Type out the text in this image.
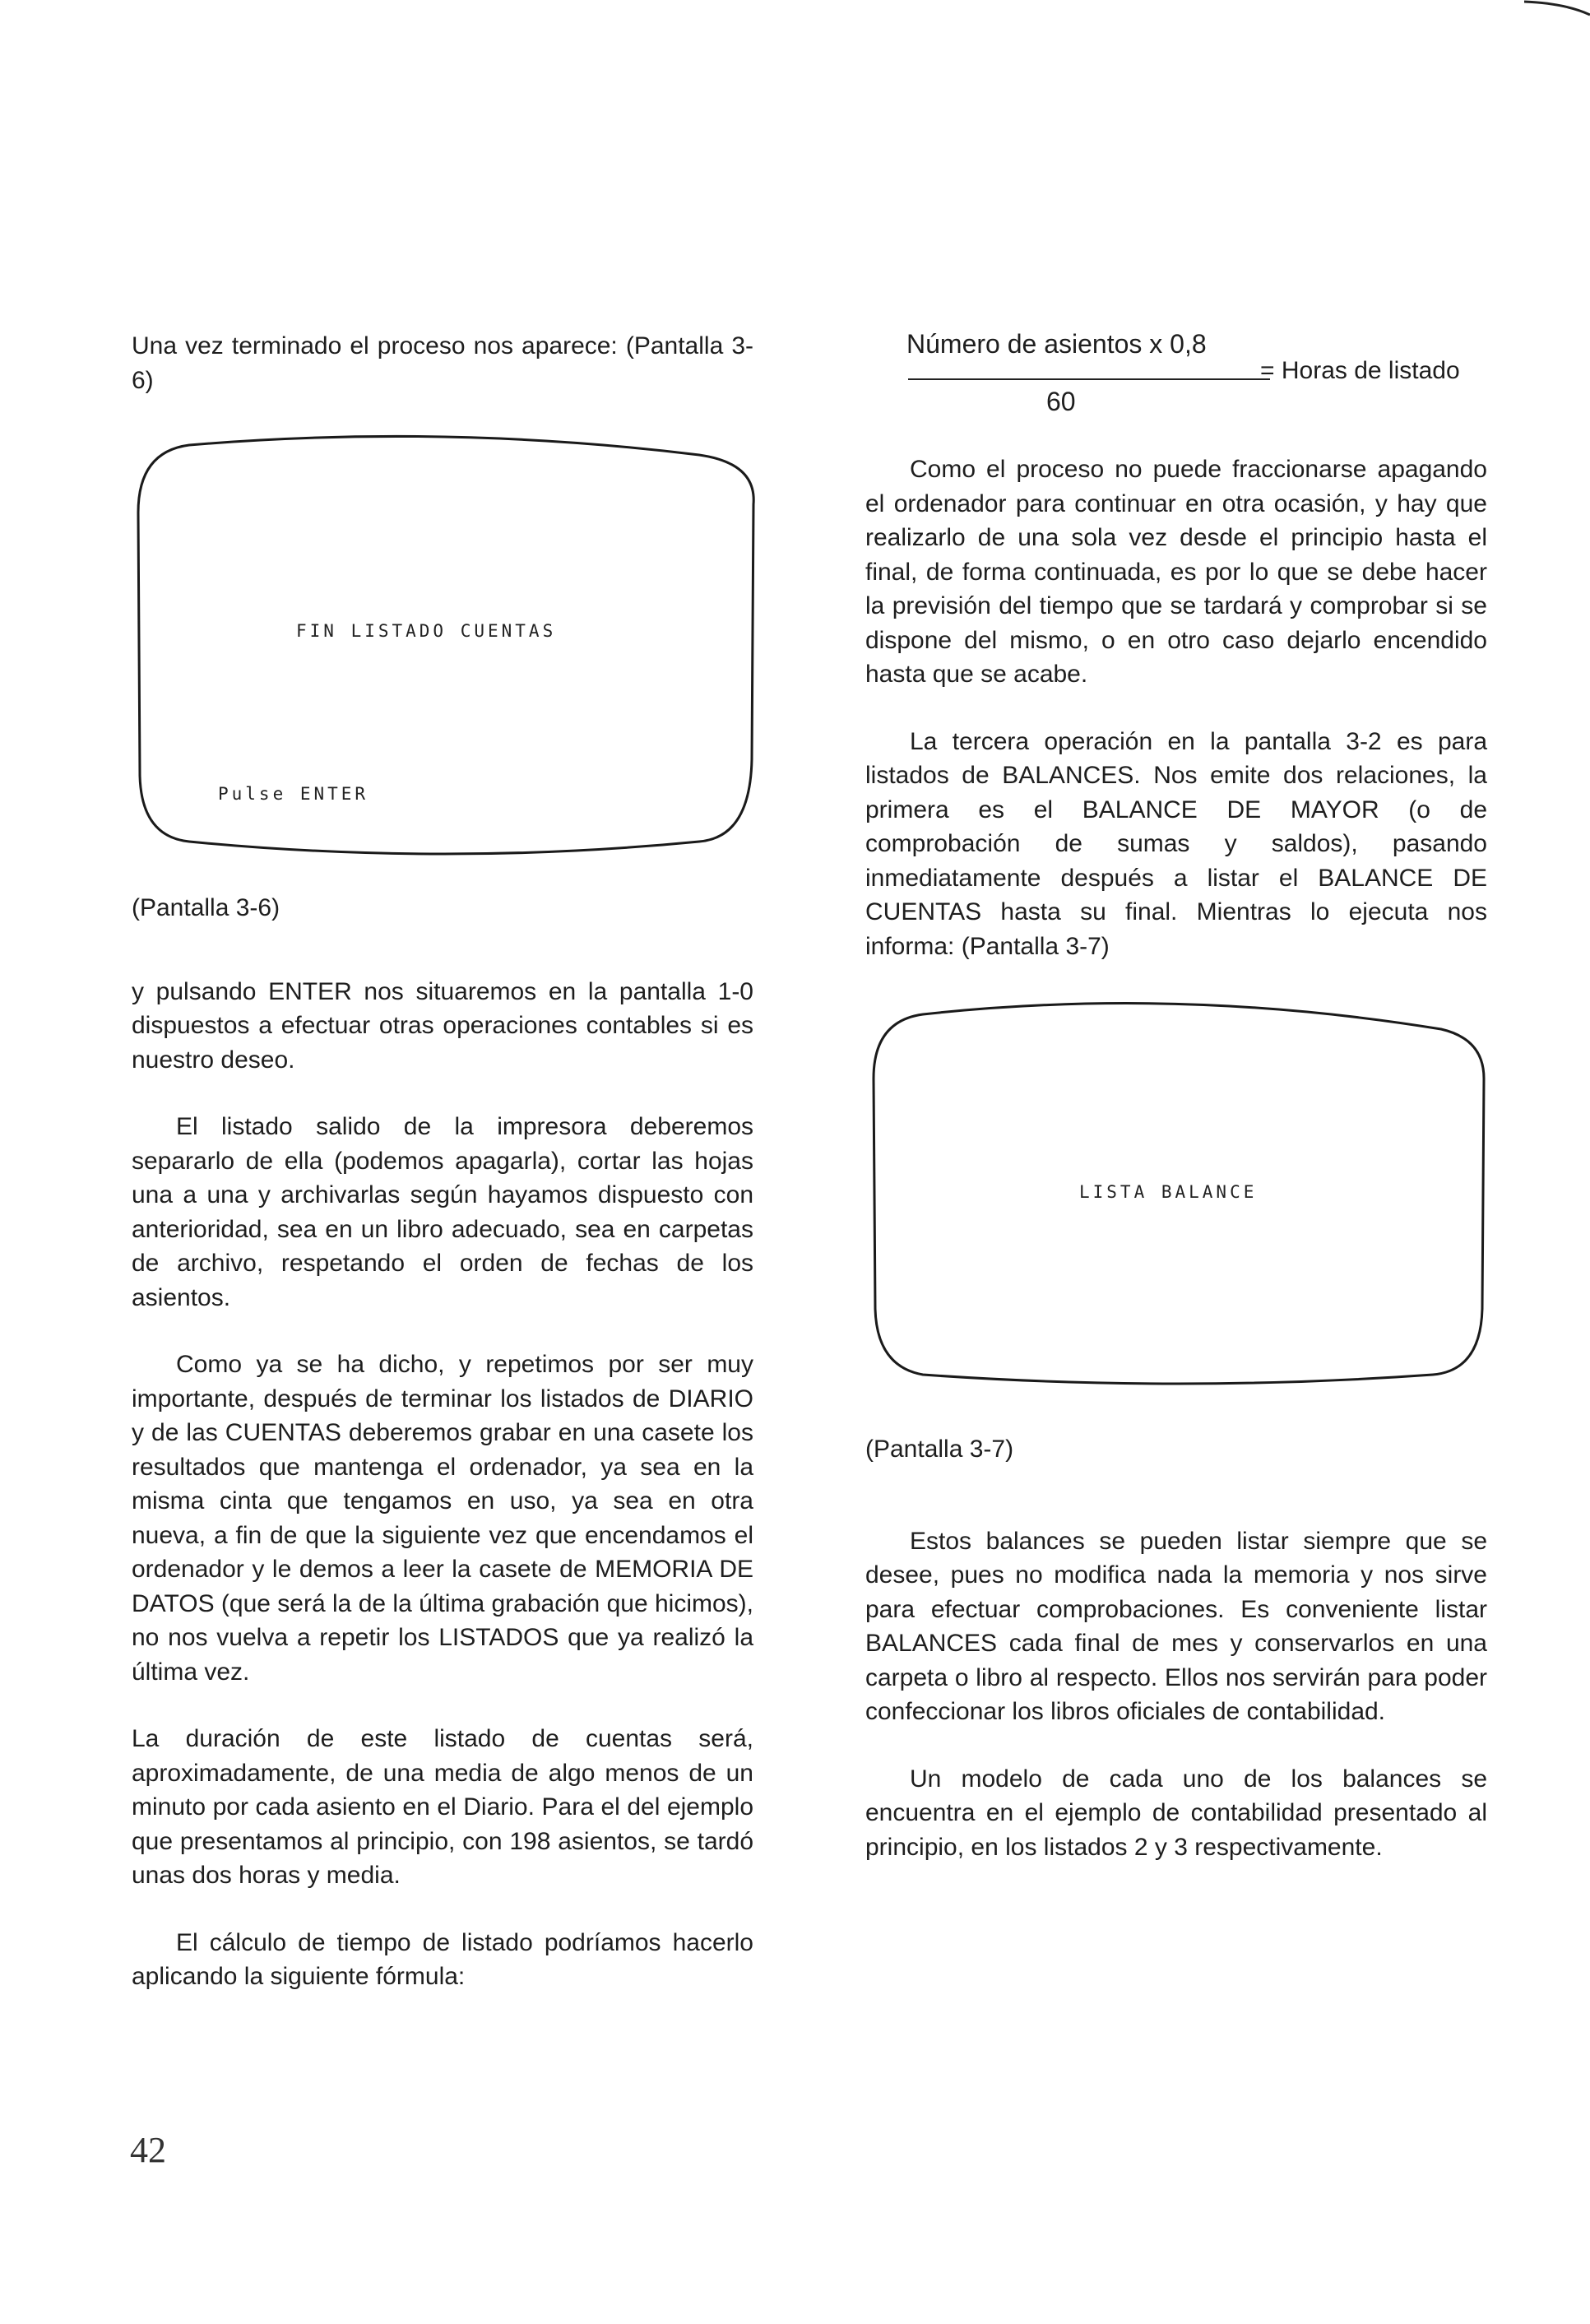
Una vez terminado el proceso nos aparece: (Pantalla 3-6)

FIN LISTADO CUENTAS
Pulse ENTER

(Pantalla 3-6)

y pulsando ENTER nos situaremos en la pantalla 1-0 dispuestos a efectuar otras operaciones contables si es nuestro deseo.

El listado salido de la impresora deberemos separarlo de ella (podemos apagarla), cortar las hojas una a una y archivarlas según hayamos dispuesto con anterioridad, sea en un libro adecuado, sea en carpetas de archivo, respetando el orden de fechas de los asientos.

Como ya se ha dicho, y repetimos por ser muy importante, después de terminar los listados de DIARIO y de las CUENTAS deberemos grabar en una casete los resultados que mantenga el ordenador, ya sea en la misma cinta que tengamos en uso, ya sea en otra nueva, a fin de que la siguiente vez que encendamos el ordenador y le demos a leer la casete de MEMORIA DE DATOS (que será la de la última grabación que hicimos), no nos vuelva a repetir los LISTADOS que ya realizó la última vez.

La duración de este listado de cuentas será, aproximadamente, de una media de algo menos de un minuto por cada asiento en el Diario. Para el del ejemplo que presentamos al principio, con 198 asientos, se tardó unas dos horas y media.

El cálculo de tiempo de listado podríamos hacerlo aplicando la siguiente fórmula:

Número de asientos x 0,8
60
= Horas de listado

Como el proceso no puede fraccionarse apagando el ordenador para continuar en otra ocasión, y hay que realizarlo de una sola vez desde el principio hasta el final, de forma continuada, es por lo que se debe hacer la previsión del tiempo que se tardará y comprobar si se dispone del mismo, o en otro caso dejarlo encendido hasta que se acabe.

La tercera operación en la pantalla 3-2 es para listados de BALANCES. Nos emite dos relaciones, la primera es el BALANCE DE MAYOR (o de comprobación de sumas y saldos), pasando inmediatamente después a listar el BALANCE DE CUENTAS hasta su final. Mientras lo ejecuta nos informa: (Pantalla 3-7)

LISTA BALANCE

(Pantalla 3-7)

Estos balances se pueden listar siempre que se desee, pues no modifica nada la memoria y nos sirve para efectuar comprobaciones. Es conveniente listar BALANCES cada final de mes y conservarlos en una carpeta o libro al respecto. Ellos nos servirán para poder confeccionar los libros oficiales de contabilidad.

Un modelo de cada uno de los balances se encuentra en el ejemplo de contabilidad presentado al principio, en los listados 2 y 3 respectivamente.

42
